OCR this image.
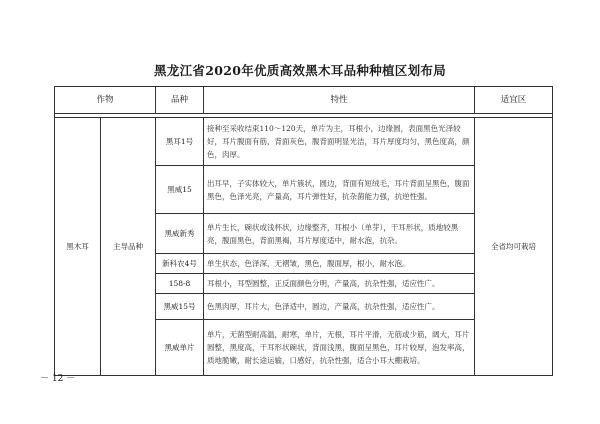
黑龙江省2020年优质高效黑木耳品种种植区划布局
作物		品种	特性	适宜区

黑木耳	主导品种	黑耳1号	接种至采收结束110～120天，单片为主，耳根小，边缘圆，表面黑色光泽较好，耳片腹面有筋，背面灰色，腹背面明显光洁，耳片厚度均匀，黑色度高，颜色，肉厚。	全省均可栽培
		黑威15	出耳早，子实体较大，单片簇状，圆边，背面有短绒毛，耳片背面呈黑色，腹面黑色，色泽光亮，产量高，耳片弹性好，抗杂菌能力强，抗逆性强。	
		黑威新秀	单片生长，碗状或浅杯状，边缘整齐，耳根小（单芽），干耳形状，质地较黑亮，腹面黑色，背面黑褐，耳片厚度适中，耐水泡，抗杂。	
		新科农4号	单生状态，色泽深，无褶皱，黑色，腹面厚，根小，耐水泡。	
		158-8	耳根小，耳型圆整，正反面颜色分明，产量高，抗杂性强，适应性广。	
		黑威15号	色黑肉厚，耳片大，色泽适中，圆边，产量高，抗杂性强，适应性广。	
		黑威单片	单片，无菌型耐高温，耐寒，单片，无根，耳片平滑，无筋或少筋，阔大，耳片圆整，黑度高，干耳形状碗状，背面浅黑，腹面呈黑色，耳片较厚，泡发率高，质地脆嫩，耐长途运输，口感好，抗杂性强，适合小耳大棚栽培。	
－ 12 －
